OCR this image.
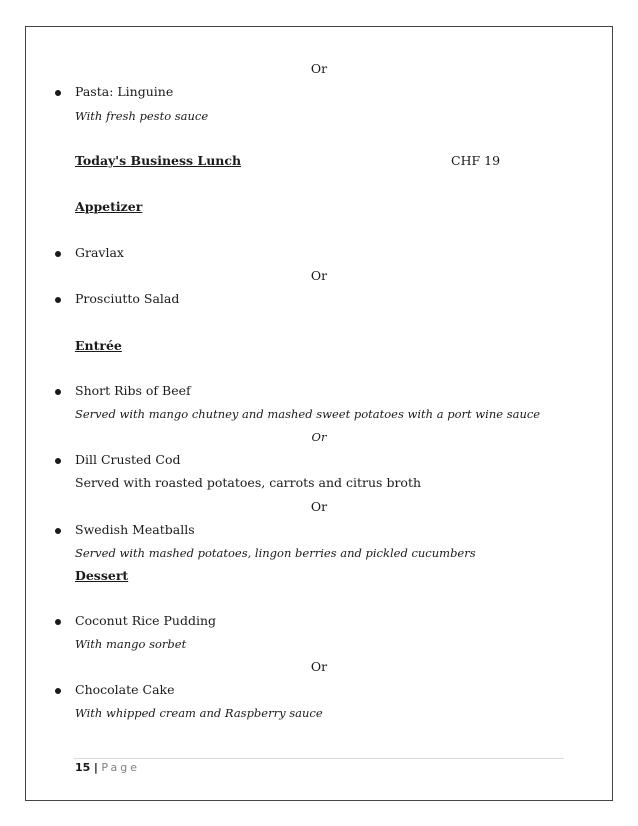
Or
Pasta: Linguine
With fresh pesto sauce
Today's Business Lunch	CHF 19
Appetizer
Gravlax
Or
Prosciutto Salad
Entrée
Short Ribs of Beef
Served with mango chutney and mashed sweet potatoes with a port wine sauce
Or
Dill Crusted Cod
Served with roasted potatoes, carrots and citrus broth
Or
Swedish Meatballs
Served with mashed potatoes, lingon berries and pickled cucumbers
Dessert
Coconut Rice Pudding
With mango sorbet
Or
Chocolate Cake
With whipped cream and Raspberry sauce
15 | Page
